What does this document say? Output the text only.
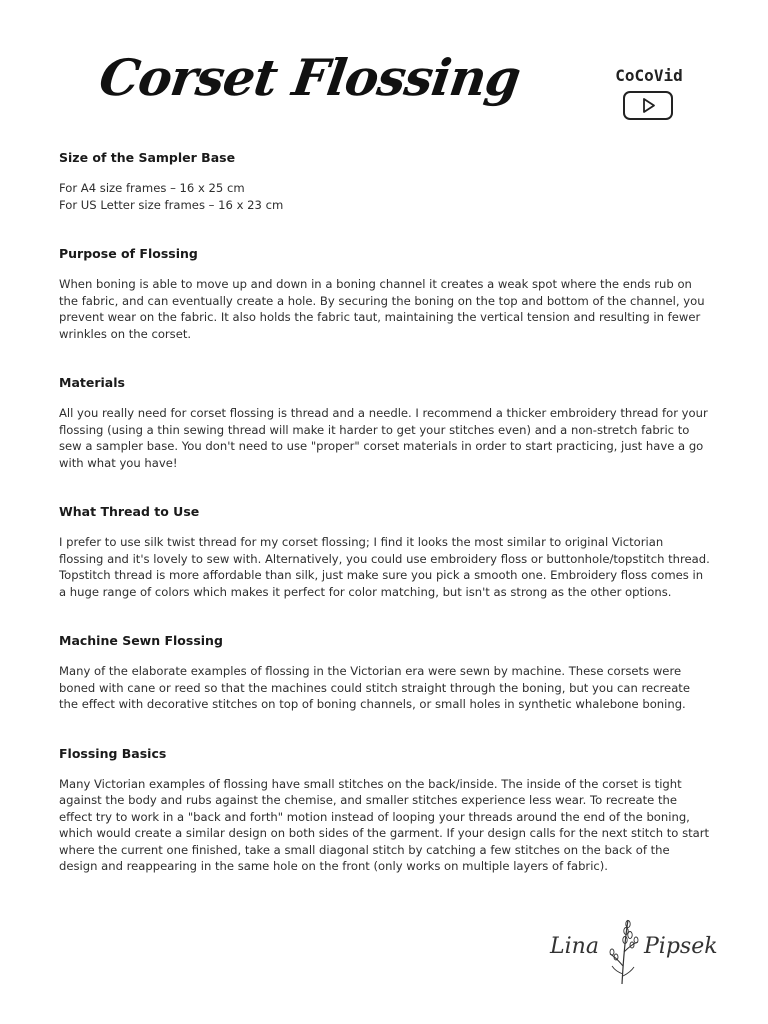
Corset Flossing	CoCoVid
Size of the Sampler Base

For A4 size frames – 16 x 25 cm
For US Letter size frames – 16 x 23 cm

Purpose of Flossing

When boning is able to move up and down in a boning channel it creates a weak spot where the ends rub on the fabric, and can eventually create a hole. By securing the boning on the top and bottom of the channel, you prevent wear on the fabric. It also holds the fabric taut, maintaining the vertical tension and resulting in fewer wrinkles on the corset.

Materials

All you really need for corset flossing is thread and a needle. I recommend a thicker embroidery thread for your flossing (using a thin sewing thread will make it harder to get your stitches even) and a non-stretch fabric to sew a sampler base. You don't need to use "proper" corset materials in order to start practicing, just have a go with what you have!

What Thread to Use

I prefer to use silk twist thread for my corset flossing; I find it looks the most similar to original Victorian flossing and it's lovely to sew with. Alternatively, you could use embroidery floss or buttonhole/topstitch thread. Topstitch thread is more affordable than silk, just make sure you pick a smooth one. Embroidery floss comes in a huge range of colors which makes it perfect for color matching, but isn't as strong as the other options.

Machine Sewn Flossing

Many of the elaborate examples of flossing in the Victorian era were sewn by machine. These corsets were boned with cane or reed so that the machines could stitch straight through the boning, but you can recreate the effect with decorative stitches on top of boning channels, or small holes in synthetic whalebone boning.

Flossing Basics

Many Victorian examples of flossing have small stitches on the back/inside. The inside of the corset is tight against the body and rubs against the chemise, and smaller stitches experience less wear. To recreate the effect try to work in a "back and forth" motion instead of looping your threads around the end of the boning, which would create a similar design on both sides of the garment. If your design calls for the next stitch to start where the current one finished, take a small diagonal stitch by catching a few stitches on the back of the design and reappearing in the same hole on the front (only works on multiple layers of fabric).

Lina Pipsek
